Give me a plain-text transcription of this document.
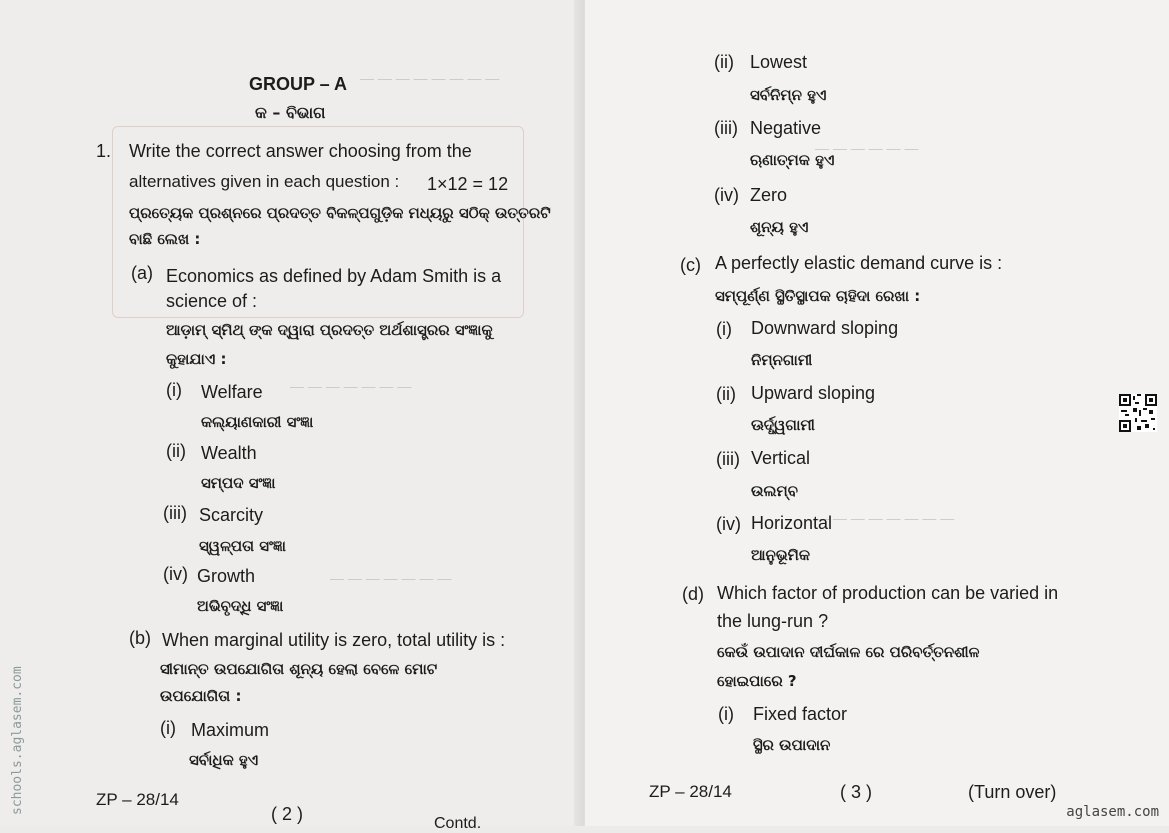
— — — — — — — —
— — — — — — —
— — — — — — —
GROUP – A
କ – ବିଭାଗ
1. Write the correct answer choosing from the
alternatives given in each question : 1×12 = 12
ପ୍ରତ୍ୟେକ ପ୍ରଶ୍ନରେ ପ୍ରଦତ୍ତ ବିକଳ୍ପଗୁଡ଼ିକ ମଧ୍ୟରୁ ସଠିକ୍ ଉତ୍ତରଟି
ବାଛି ଲେଖ :
(a) Economics as defined by Adam Smith is a
science of :
ଆଡ଼ାମ୍ ସ୍ମିଥ୍ ଙ୍କ ଦ୍ୱାରା ପ୍ରଦତ୍ତ ଅର୍ଥଶାସ୍ତ୍ରର ସଂଜ୍ଞାକୁ
କୁହାଯାଏ :
(i) Welfare
କଲ୍ୟାଣକାରୀ ସଂଜ୍ଞା
(ii) Wealth
ସମ୍ପଦ ସଂଜ୍ଞା
(iii) Scarcity
ସ୍ୱଳ୍ପତା ସଂଜ୍ଞା
(iv) Growth
ଅଭିବୃଦ୍ଧି ସଂଜ୍ଞା
(b) When marginal utility is zero, total utility is :
ସୀମାନ୍ତ ଉପଯୋଗିତା ଶୂନ୍ୟ ହେଲା ବେଳେ ମୋଟ
ଉପଯୋଗିତା :
(i) Maximum
ସର୍ବାଧିକ ହୁଏ
ZP – 28/14
( 2 )	Contd.
— — — — — —
— — — — — — — —
(ii) Lowest
ସର୍ବନିମ୍ନ ହୁଏ
(iii) Negative
ଋଣାତ୍ମକ ହୁଏ
(iv) Zero
ଶୂନ୍ୟ ହୁଏ
(c) A perfectly elastic demand curve is :
ସମ୍ପୂର୍ଣ୍ଣ ସ୍ଥିତିସ୍ଥାପକ ଚାହିଦା ରେଖା :
(i) Downward sloping
ନିମ୍ନଗାମୀ
(ii) Upward sloping
ଊର୍ଦ୍ଧ୍ୱଗାମୀ
(iii) Vertical
ଉଲମ୍ବ
(iv) Horizontal
ଆନୁଭୂମିକ
(d) Which factor of production can be varied in
the lung-run ?
କେଉଁ ଉପାଦାନ ଦୀର୍ଘକାଳ ରେ ପରିବର୍ତ୍ତନଶୀଳ
ହୋଇପାରେ ?
(i) Fixed factor
ସ୍ଥିର ଉପାଦାନ
ZP – 28/14	( 3 )	(Turn over)
schools.aglasem.com	aglasem.com
